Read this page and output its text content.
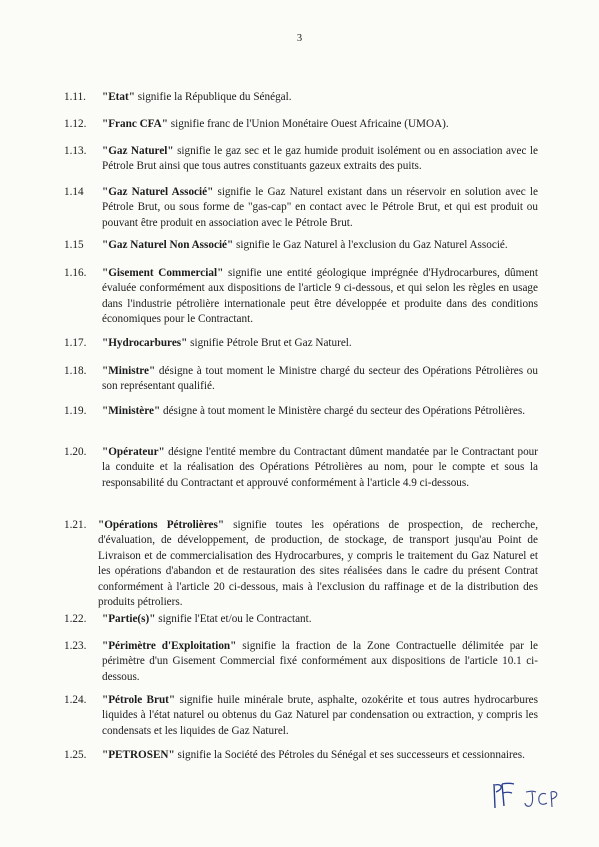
3
1.11.	"Etat" signifie la République du Sénégal.
1.12.	"Franc CFA" signifie franc de l'Union Monétaire Ouest Africaine (UMOA).
1.13.	"Gaz Naturel" signifie le gaz sec et le gaz humide produit isolément ou en association avec le Pétrole Brut ainsi que tous autres constituants gazeux extraits des puits.
1.14	"Gaz Naturel Associé" signifie le Gaz Naturel existant dans un réservoir en solution avec le Pétrole Brut, ou sous forme de "gas-cap" en contact avec le Pétrole Brut, et qui est produit ou pouvant être produit en association avec le Pétrole Brut.
1.15	"Gaz Naturel Non Associé" signifie le Gaz Naturel à l'exclusion du Gaz Naturel Associé.
1.16.	"Gisement Commercial" signifie une entité géologique imprégnée d'Hydrocarbures, dûment évaluée conformément aux dispositions de l'article 9 ci-dessous, et qui selon les règles en usage dans l'industrie pétrolière internationale peut être développée et produite dans des conditions économiques pour le Contractant.
1.17.	"Hydrocarbures" signifie Pétrole Brut et Gaz Naturel.
1.18.	"Ministre" désigne à tout moment le Ministre chargé du secteur des Opérations Pétrolières ou son représentant qualifié.
1.19.	"Ministère" désigne à tout moment le Ministère chargé du secteur des Opérations Pétrolières.
1.20.	"Opérateur" désigne l'entité membre du Contractant dûment mandatée par le Contractant pour la conduite et la réalisation des Opérations Pétrolières au nom, pour le compte et sous la responsabilité du Contractant et approuvé conformément à l'article 4.9 ci-dessous.
1.21.	"Opérations Pétrolières" signifie toutes les opérations de prospection, de recherche, d'évaluation, de développement, de production, de stockage, de transport jusqu'au Point de Livraison et de commercialisation des Hydrocarbures, y compris le traitement du Gaz Naturel et les opérations d'abandon et de restauration des sites réalisées dans le cadre du présent Contrat conformément à l'article 20 ci-dessous, mais à l'exclusion du raffinage et de la distribution des produits pétroliers.
1.22.	"Partie(s)" signifie l'Etat et/ou le Contractant.
1.23.	"Périmètre d'Exploitation" signifie la fraction de la Zone Contractuelle délimitée par le périmètre d'un Gisement Commercial fixé conformément aux dispositions de l'article 10.1 ci-dessous.
1.24.	"Pétrole Brut" signifie huile minérale brute, asphalte, ozokérite et tous autres hydrocarbures liquides à l'état naturel ou obtenus du Gaz Naturel par condensation ou extraction, y compris les condensats et les liquides de Gaz Naturel.
1.25.	"PETROSEN" signifie la Société des Pétroles du Sénégal et ses successeurs et cessionnaires.
